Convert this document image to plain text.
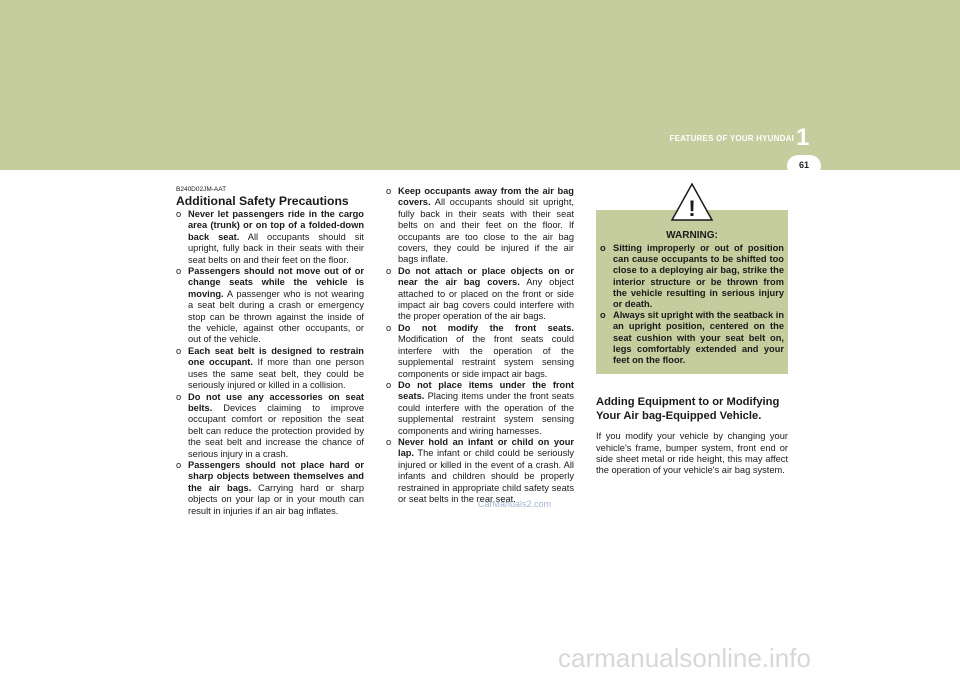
FEATURES OF YOUR HYUNDAI 1
61
B240D02JM-AAT
Additional Safety Precautions
o Never let passengers ride in the cargo area (trunk) or on top of a folded-down back seat. All occupants should sit upright, fully back in their seats with their seat belts on and their feet on the floor.
o Passengers should not move out of or change seats while the vehicle is moving. A passenger who is not wearing a seat belt during a crash or emergency stop can be thrown against the inside of the vehicle, against other occupants, or out of the vehicle.
o Each seat belt is designed to restrain one occupant. If more than one person uses the same seat belt, they could be seriously injured or killed in a collision.
o Do not use any accessories on seat belts. Devices claiming to improve occupant comfort or reposition the seat belt can reduce the protection provided by the seat belt and increase the chance of serious injury in a crash.
o Passengers should not place hard or sharp objects between themselves and the air bags. Carrying hard or sharp objects on your lap or in your mouth can result in injuries if an air bag inflates.
o Keep occupants away from the air bag covers. All occupants should sit upright, fully back in their seats with their seat belts on and their feet on the floor. If occupants are too close to the air bag covers, they could be injured if the air bags inflate.
o Do not attach or place objects on or near the air bag covers. Any object attached to or placed on the front or side impact air bag covers could interfere with the proper operation of the air bags.
o Do not modify the front seats. Modification of the front seats could interfere with the operation of the supplemental restraint system sensing components or side impact air bags.
o Do not place items under the front seats. Placing items under the front seats could interfere with the operation of the supplemental restraint system sensing components and wiring harnesses.
o Never hold an infant or child on your lap. The infant or child could be seriously injured or killed in the event of a crash. All infants and children should be properly restrained in appropriate child safety seats or seat belts in the rear seat.
CarManuals2.com
!
WARNING:
o Sitting improperly or out of position can cause occupants to be shifted too close to a deploying air bag, strike the interior structure or be thrown from the vehicle resulting in serious injury or death.
o Always sit upright with the seatback in an upright position, centered on the seat cushion with your seat belt on, legs comfortably extended and your feet on the floor.
Adding Equipment to or Modifying Your Air bag-Equipped Vehicle.
If you modify your vehicle by changing your vehicle's frame, bumper system, front end or side sheet metal or ride height, this may affect the operation of your vehicle's air bag system.
carmanualsonline.info
